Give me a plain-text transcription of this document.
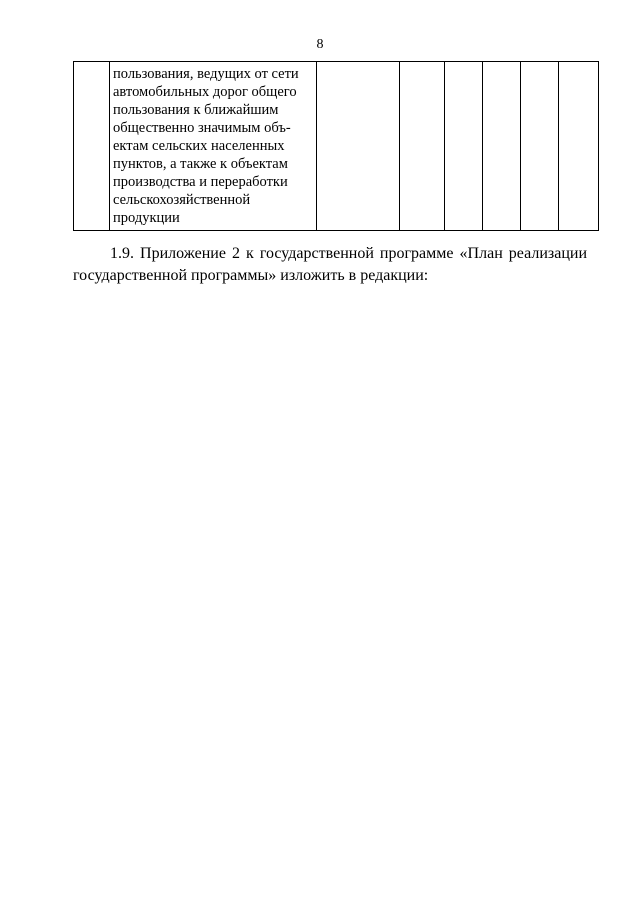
8

пользования, ведущих от сети
автомобильных дорог общего
пользования к ближайшим
общественно значимым объ-
ектам сельских населенных
пунктов, а также к объектам
производства и переработки
сельскохозяйственной
продукции

1.9. Приложение 2 к государственной программе «План реализации государственной программы» изложить в редакции:
